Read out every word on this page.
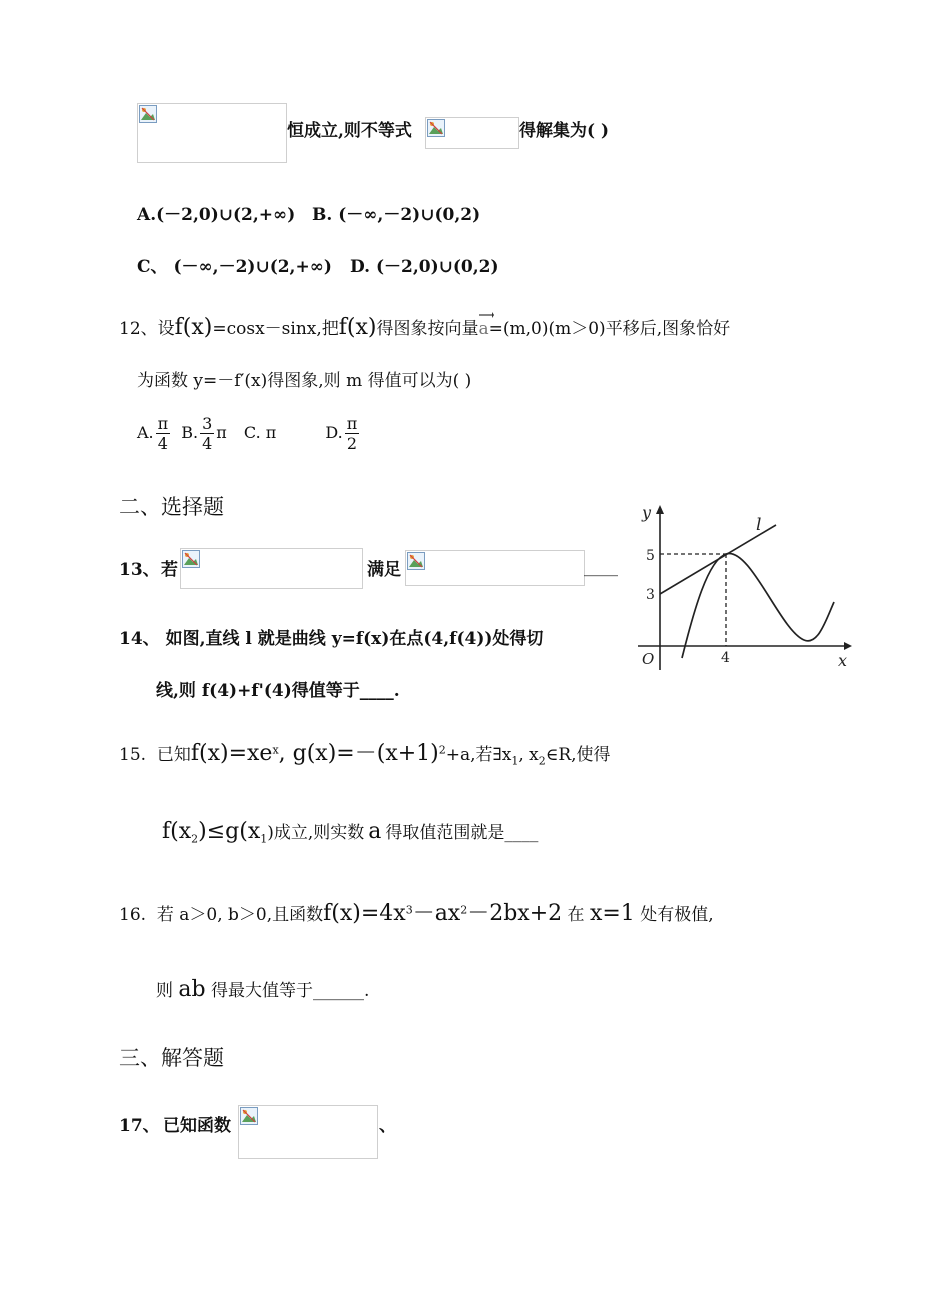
恒成立,则不等式	得解集为( )
A.(－2,0)∪(2,+∞) B. (－∞,－2)∪(0,2)
C、 (－∞,－2)∪(2,+∞) D. (－2,0)∪(0,2)
12、设f(x)=cosx－sinx,把f(x)得图象按向量
a=(m,0)(m＞0)平移后,图象恰好
为函数 y=－f′(x)得图象,则 m 得值可以为( )
A. $\frac{\pi}{4} B$. $\frac{3}{4}$ π C. π	D. $\frac{\pi}{2}$
二、选择题
13、 若	满足	____
14、 如图,直线 l 就是曲线 y=f(x)在点(4,f(4))处得切
线,则 f(4)+f'(4)得值等于____.
y
x
O
l
5
3
4
15. 已知$f(x)=xe^x$, $g(x)=-(x+1)^2+a$,若$\exists x_1$, $x_2\in R$,使得
$f(x_2)\le g(x_1)$成立,则实数 a 得取值范围就是____
16. 若 a＞0, b＞0,且函数$f(x)=4x^3-ax^2-2bx+2$ 在 x=1 处有极值,
则 ab 得最大值等于______.
三、解答题
17、 已知函数	、
